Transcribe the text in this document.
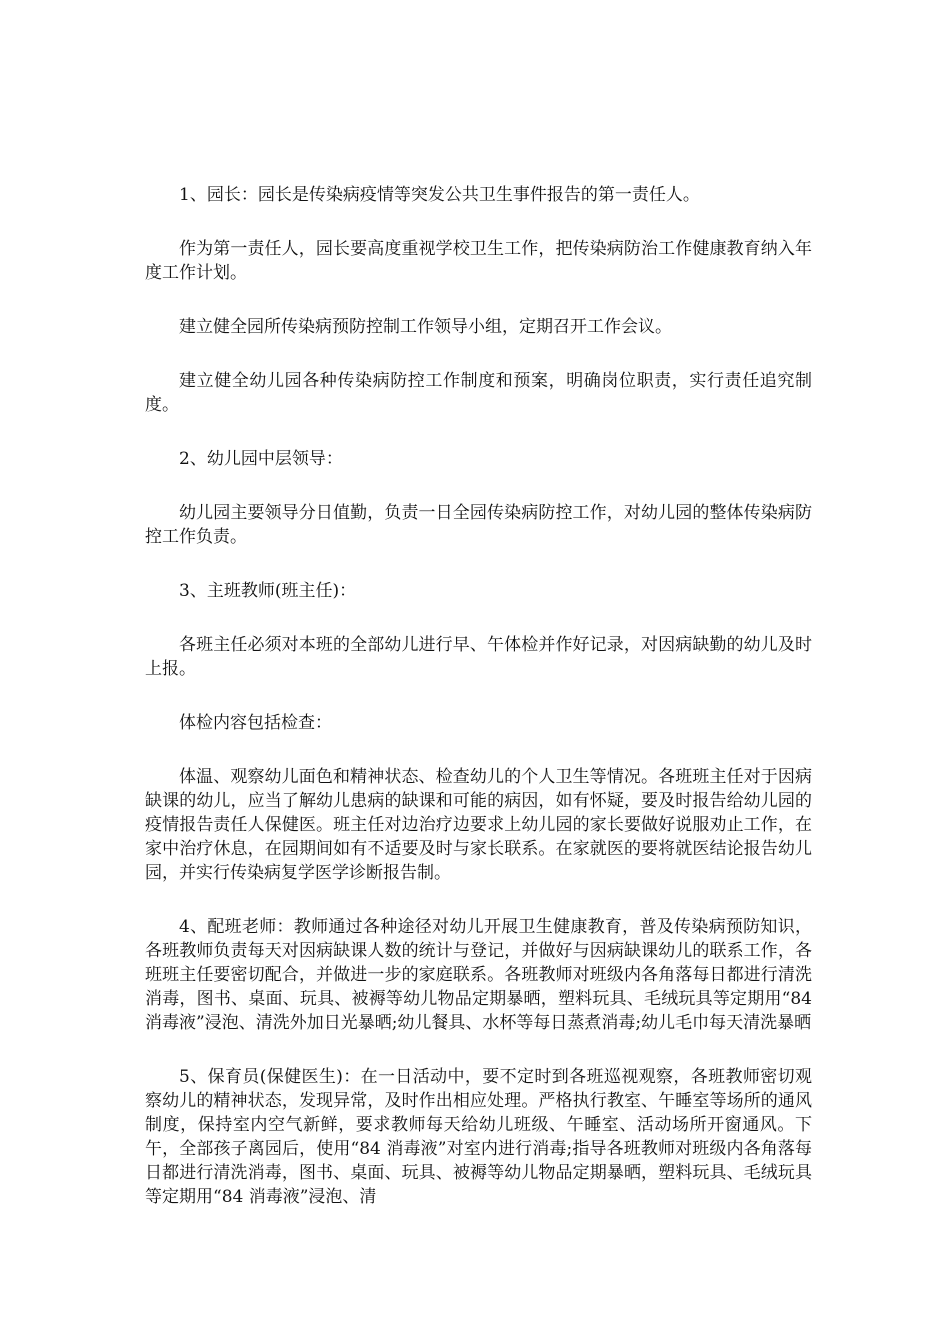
1、园长：园长是传染病疫情等突发公共卫生事件报告的第一责任人。

作为第一责任人，园长要高度重视学校卫生工作，把传染病防治工作健康教育纳入年度工作计划。

建立健全园所传染病预防控制工作领导小组，定期召开工作会议。

建立健全幼儿园各种传染病防控工作制度和预案，明确岗位职责，实行责任追究制度。

2、幼儿园中层领导：

幼儿园主要领导分日值勤，负责一日全园传染病防控工作，对幼儿园的整体传染病防控工作负责。

3、主班教师(班主任)：

各班主任必须对本班的全部幼儿进行早、午体检并作好记录，对因病缺勤的幼儿及时上报。

体检内容包括检查：

体温、观察幼儿面色和精神状态、检查幼儿的个人卫生等情况。各班班主任对于因病缺课的幼儿，应当了解幼儿患病的缺课和可能的病因，如有怀疑，要及时报告给幼儿园的疫情报告责任人保健医。班主任对边治疗边要求上幼儿园的家长要做好说服劝止工作，在家中治疗休息，在园期间如有不适要及时与家长联系。在家就医的要将就医结论报告幼儿园，并实行传染病复学医学诊断报告制。

4、配班老师：教师通过各种途径对幼儿开展卫生健康教育，普及传染病预防知识，各班教师负责每天对因病缺课人数的统计与登记，并做好与因病缺课幼儿的联系工作，各班班主任要密切配合，并做进一步的家庭联系。各班教师对班级内各角落每日都进行清洗消毒，图书、桌面、玩具、被褥等幼儿物品定期暴晒，塑料玩具、毛绒玩具等定期用“84消毒液”浸泡、清洗外加日光暴晒;幼儿餐具、水杯等每日蒸煮消毒;幼儿毛巾每天清洗暴晒

5、保育员(保健医生)：在一日活动中，要不定时到各班巡视观察，各班教师密切观察幼儿的精神状态，发现异常，及时作出相应处理。严格执行教室、午睡室等场所的通风制度，保持室内空气新鲜，要求教师每天给幼儿班级、午睡室、活动场所开窗通风。下午，全部孩子离园后，使用“84 消毒液”对室内进行消毒;指导各班教师对班级内各角落每日都进行清洗消毒，图书、桌面、玩具、被褥等幼儿物品定期暴晒，塑料玩具、毛绒玩具等定期用“84 消毒液”浸泡、清
